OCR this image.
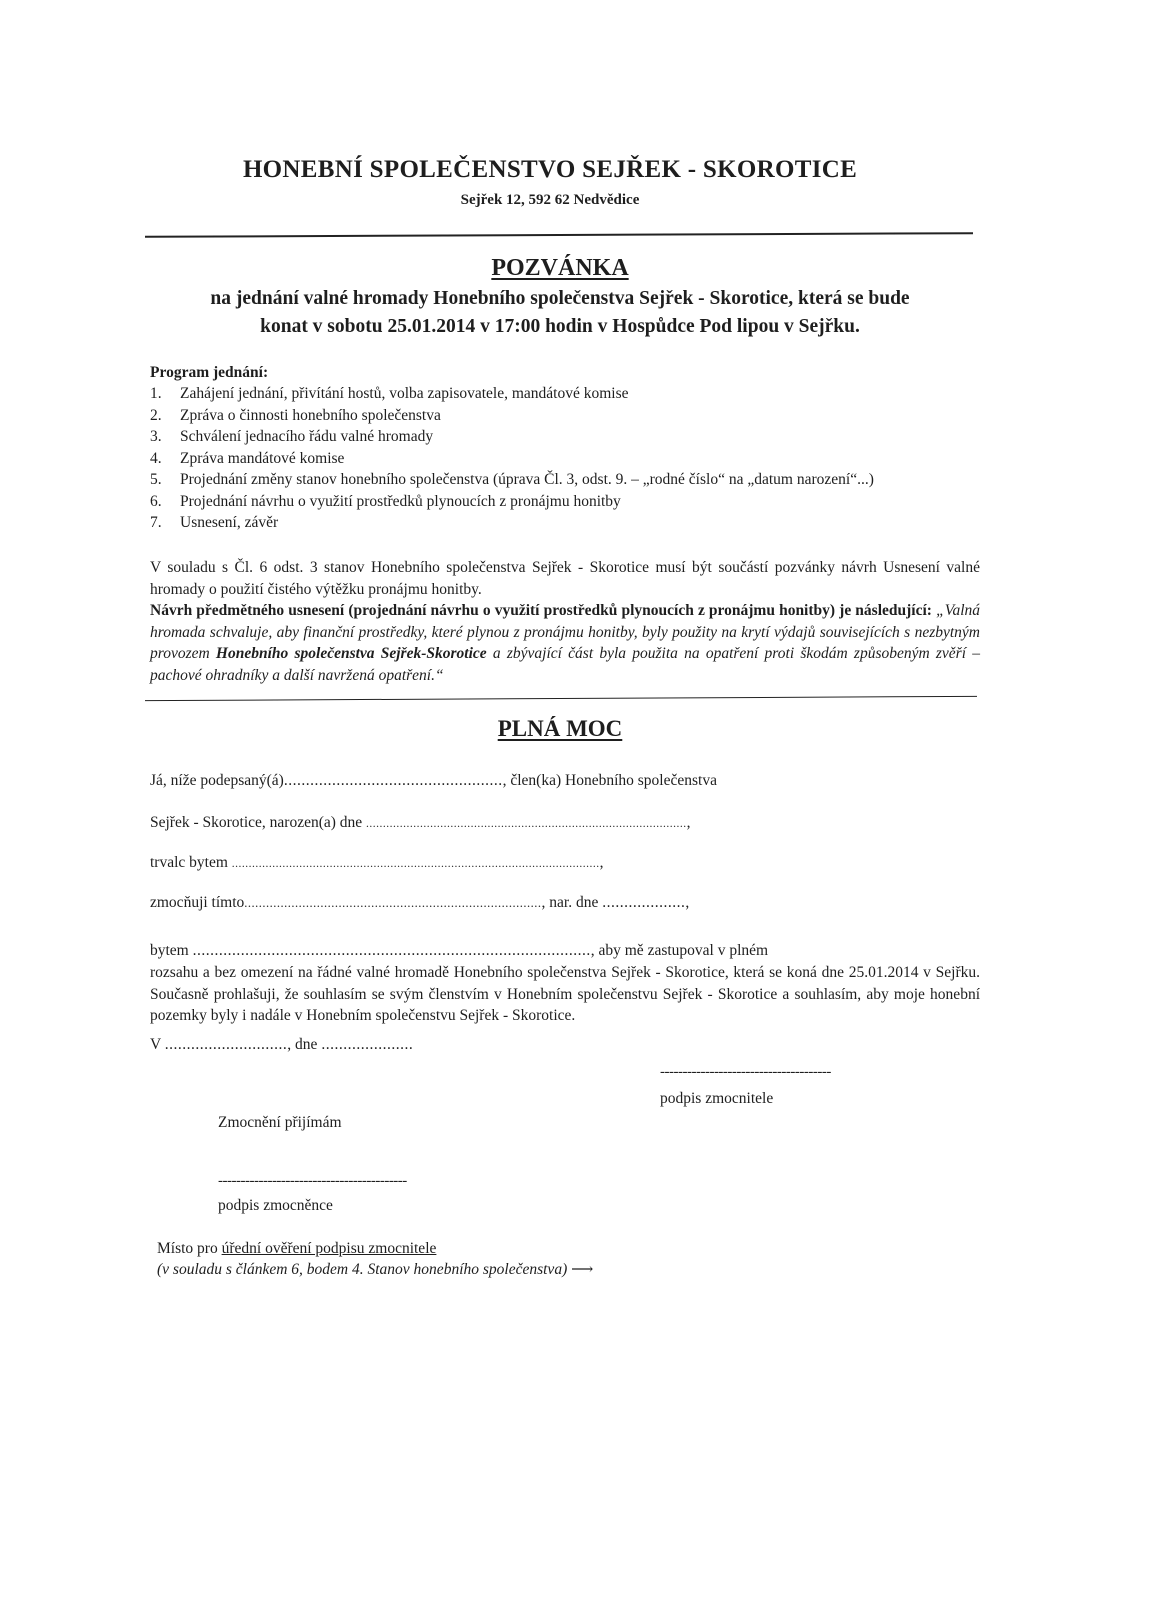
HONEBNÍ SPOLEČENSTVO SEJŘEK - SKOROTICE
Sejřek 12, 592 62 Nedvědice
POZVÁNKA
na jednání valné hromady Honebního společenstva Sejřek - Skorotice, která se bude
konat v sobotu 25.01.2014 v 17:00 hodin v Hospůdce Pod lipou v Sejřku.
Program jednání:
1. Zahájení jednání, přivítání hostů, volba zapisovatele, mandátové komise
2. Zpráva o činnosti honebního společenstva
3. Schválení jednacího řádu valné hromady
4. Zpráva mandátové komise
5. Projednání změny stanov honebního společenstva (úprava Čl. 3, odst. 9. – „rodné číslo“ na „datum narození“...)
6. Projednání návrhu o využití prostředků plynoucích z pronájmu honitby
7. Usnesení, závěr
V souladu s Čl. 6 odst. 3 stanov Honebního společenstva Sejřek - Skorotice musí být součástí pozvánky návrh Usnesení valné hromady o použití čistého výtěžku pronájmu honitby.
Návrh předmětného usnesení (projednání návrhu o využití prostředků plynoucích z pronájmu honitby) je následující: „Valná hromada schvaluje, aby finanční prostředky, které plynou z pronájmu honitby, byly použity na krytí výdajů souvisejících s nezbytným provozem Honebního společenstva Sejřek-Skorotice a zbývající část byla použita na opatření proti škodám způsobeným zvěří – pachové ohradníky a další navržená opatření.“
PLNÁ MOC
Já, níže podepsaný(á).................................................., člen(ka) Honebního společenstva
Sejřek - Skorotice, narozen(a) dne ...............................................................................................,
trvalc bytem .............................................................................................................,
zmocňuji tímto.................................................................................., nar. dne ...................,
bytem ..........................................................................................., aby mě zastupoval v plném
rozsahu a bez omezení na řádné valné hromadě Honebního společenstva Sejřek - Skorotice, která se koná dne 25.01.2014 v Sejřku. Současně prohlašuji, že souhlasím se svým členstvím v Honebním společenstvu Sejřek - Skorotice a souhlasím, aby moje honební pozemky byly i nadále v Honebním společenstvu Sejřek - Skorotice.
V ............................, dne .....................
--------------------------------------
podpis zmocnitele
Zmocnění přijímám
------------------------------------------
podpis zmocněnce
Místo pro úřední ověření podpisu zmocnitele
(v souladu s článkem 6, bodem 4. Stanov honebního společenstva) ⟶
